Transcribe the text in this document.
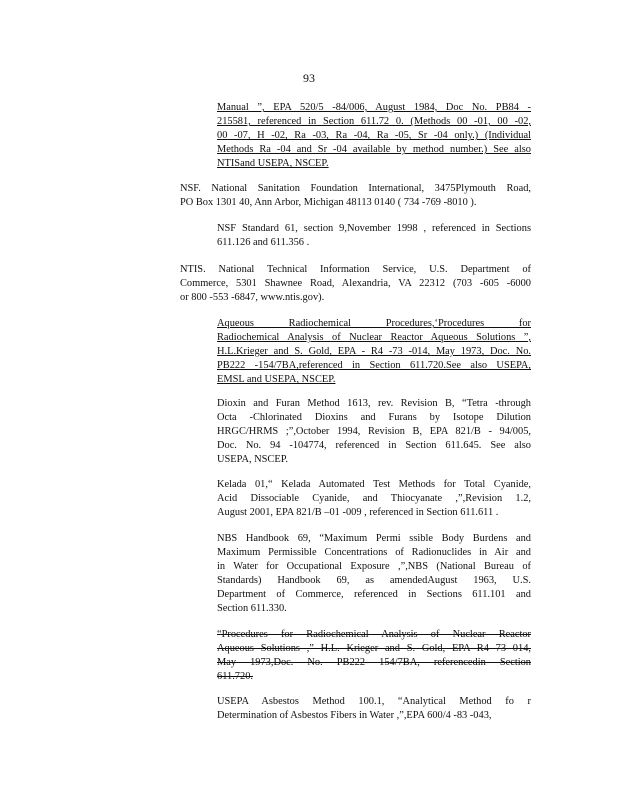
93
Manual ”, EPA 520/5 -84/006, August 1984, Doc No. PB84 -
215581, referenced in Section 611.72 0. (Methods 00 -01, 00 -02,
00 -07, H -02, Ra -03, Ra -04, Ra -05, Sr -04 only.) (Individual
Methods Ra -04 and Sr -04 available by method number.) See also
NTISand USEPA, NSCEP.
NSF. National Sanitation Foundation International, 3475Plymouth Road,
PO Box 1301 40, Ann Arbor, Michigan 48113 0140 ( 734 -769 -8010 ).
NSF Standard 61, section 9,November 1998 , referenced in Sections
611.126 and 611.356 .
NTIS. National Technical Information Service, U.S. Department of
Commerce, 5301 Shawnee Road, Alexandria, VA 22312 (703 -605 -6000
or 800 -553 -6847, www.ntis.gov).
Aqueous Radiochemical Procedures,‘Procedures for
Radiochemical Analysis of Nuclear Reactor Aqueous Solutions ”,
H.L.Krieger and S. Gold, EPA - R4 -73 -014, May 1973, Doc. No.
PB222 -154/7BA,referenced in Section 611.720.See also USEPA,
EMSL and USEPA, NSCEP.
Dioxin and Furan Method 1613, rev. Revision B, “Tetra -through
Octa -Chlorinated Dioxins and Furans by Isotope Dilution
HRGC/HRMS ;”,October 1994, Revision B, EPA 821/B - 94/005,
Doc. No. 94 -104774, referenced in Section 611.645. See also
USEPA, NSCEP.
Kelada 01,“ Kelada Automated Test Methods for Total Cyanide,
Acid Dissociable Cyanide, and Thiocyanate ,”,Revision 1.2,
August 2001, EPA 821/B –01 -009 , referenced in Section 611.611 .
NBS Handbook 69, “Maximum Permi ssible Body Burdens and
Maximum Permissible Concentrations of Radionuclides in Air and
in Water for Occupational Exposure ,”,NBS (National Bureau of
Standards) Handbook 69, as amendedAugust 1963, U.S.
Department of Commerce, referenced in Sections 611.101 and
Section 611.330.
“Procedures for Radiochemical Analysis of Nuclear Reactor
Aqueous Solutions ,” H.L. Krieger and S. Gold, EPA R4 73 014,
May 1973,Doc. No. PB222 154/7BA, referencedin Section
611.720.
USEPA Asbestos Method 100.1, “Analytical Method fo r
Determination of Asbestos Fibers in Water ,”,EPA 600/4 -83 -043,
